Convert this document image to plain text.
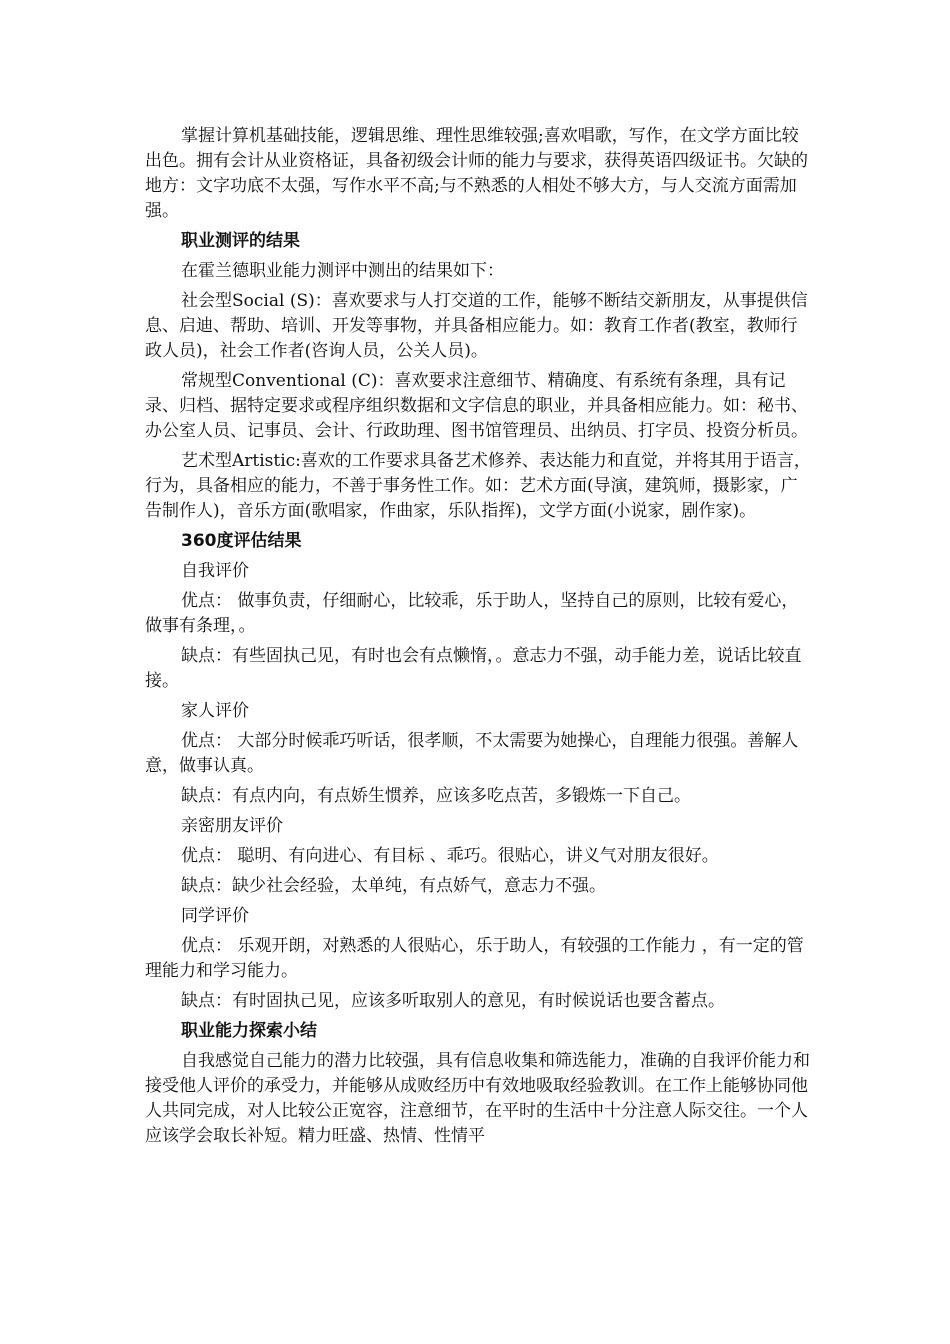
掌握计算机基础技能，逻辑思维、理性思维较强;喜欢唱歌，写作，在文学方面比较出色。拥有会计从业资格证，具备初级会计师的能力与要求，获得英语四级证书。欠缺的地方：文字功底不太强，写作水平不高;与不熟悉的人相处不够大方，与人交流方面需加强。

职业测评的结果

在霍兰德职业能力测评中测出的结果如下：

社会型Social (S)：喜欢要求与人打交道的工作，能够不断结交新朋友，从事提供信息、启迪、帮助、培训、开发等事物，并具备相应能力。如：教育工作者(教室，教师行政人员)，社会工作者(咨询人员，公关人员)。

常规型Conventional (C)：喜欢要求注意细节、精确度、有系统有条理，具有记录、归档、据特定要求或程序组织数据和文字信息的职业，并具备相应能力。如：秘书、办公室人员、记事员、会计、行政助理、图书馆管理员、出纳员、打字员、投资分析员。

艺术型Artistic:喜欢的工作要求具备艺术修养、表达能力和直觉，并将其用于语言，行为，具备相应的能力，不善于事务性工作。如：艺术方面(导演，建筑师，摄影家，广告制作人)，音乐方面(歌唱家，作曲家，乐队指挥)，文学方面(小说家，剧作家)。

360度评估结果

自我评价

优点： 做事负责，仔细耐心，比较乖，乐于助人，坚持自己的原则，比较有爱心，做事有条理，。

缺点：有些固执己见，有时也会有点懒惰，。意志力不强，动手能力差，说话比较直接。

家人评价

优点： 大部分时候乖巧听话，很孝顺，不太需要为她操心，自理能力很强。善解人意，做事认真。

缺点：有点内向，有点娇生惯养，应该多吃点苦，多锻炼一下自己。

亲密朋友评价

优点： 聪明、有向进心、有目标 、乖巧。很贴心，讲义气对朋友很好。

缺点：缺少社会经验，太单纯，有点娇气，意志力不强。

同学评价

优点： 乐观开朗，对熟悉的人很贴心，乐于助人，有较强的工作能力 ，有一定的管理能力和学习能力。

缺点：有时固执己见，应该多听取别人的意见，有时候说话也要含蓄点。

职业能力探索小结

自我感觉自己能力的潜力比较强，具有信息收集和筛选能力，准确的自我评价能力和接受他人评价的承受力，并能够从成败经历中有效地吸取经验教训。在工作上能够协同他人共同完成，对人比较公正宽容，注意细节，在平时的生活中十分注意人际交往。一个人应该学会取长补短。精力旺盛、热情、性情平
